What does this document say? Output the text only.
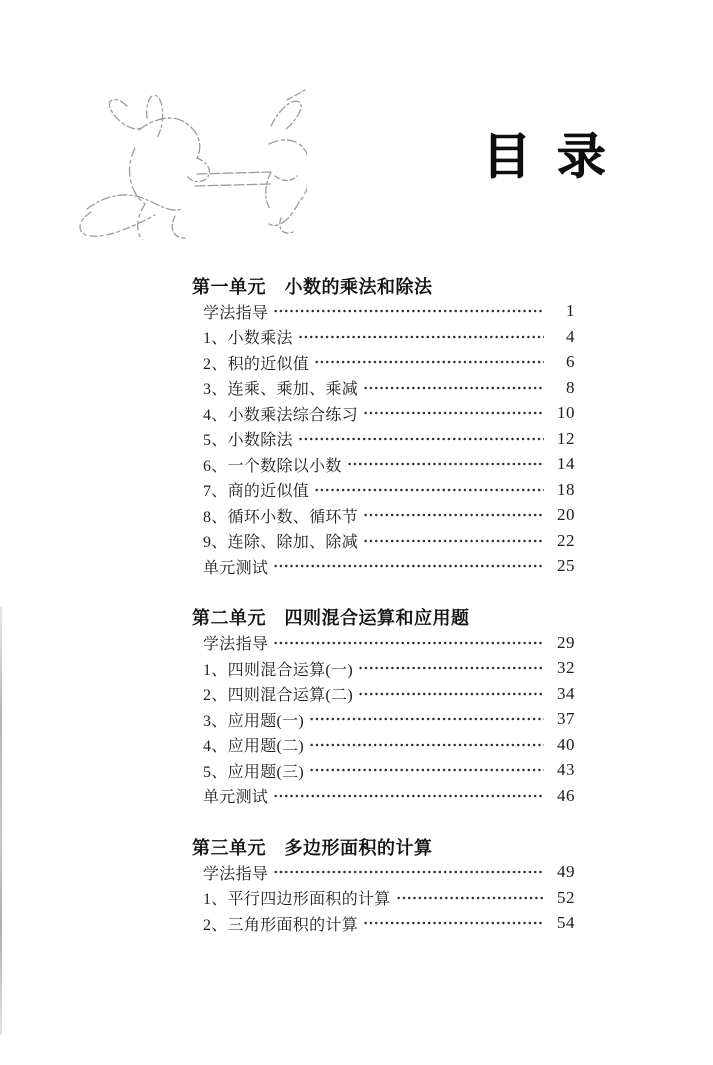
目 录
第一单元　小数的乘法和除法
学法指导	1
1、小数乘法	4
2、积的近似值	6
3、连乘、乘加、乘减	8
4、小数乘法综合练习	10
5、小数除法	12
6、一个数除以小数	14
7、商的近似值	18
8、循环小数、循环节	20
9、连除、除加、除减	22
单元测试	25
第二单元　四则混合运算和应用题
学法指导	29
1、四则混合运算(一)	32
2、四则混合运算(二)	34
3、应用题(一)	37
4、应用题(二)	40
5、应用题(三)	43
单元测试	46
第三单元　多边形面积的计算
学法指导	49
1、平行四边形面积的计算	52
2、三角形面积的计算	54
